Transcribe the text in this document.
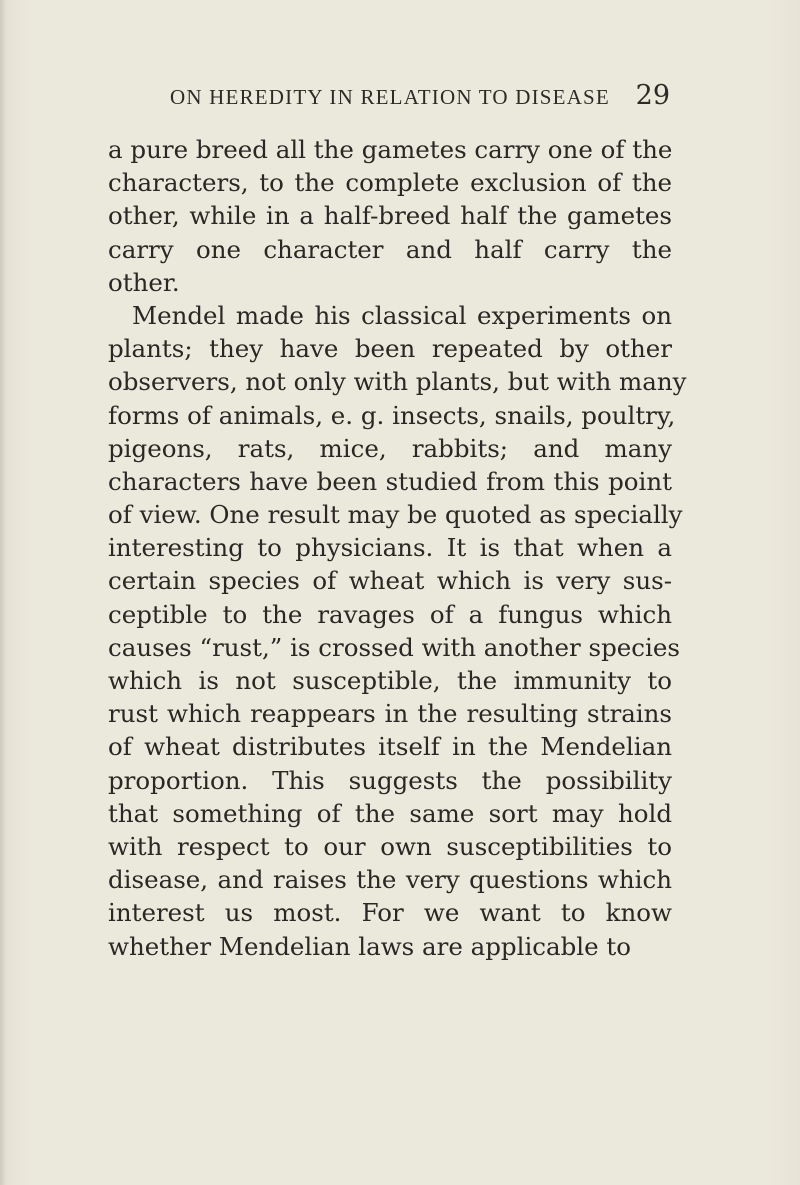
ON HEREDITY IN RELATION TO DISEASE 29
a pure breed all the gametes carry one of the
characters, to the complete exclusion of the
other, while in a half-breed half the gametes
carry one character and half carry the
other.
Mendel made his classical experiments on
plants; they have been repeated by other
observers, not only with plants, but with many
forms of animals, e. g. insects, snails, poultry,
pigeons, rats, mice, rabbits; and many
characters have been studied from this point
of view. One result may be quoted as specially
interesting to physicians. It is that when a
certain species of wheat which is very sus-
ceptible to the ravages of a fungus which
causes “rust,” is crossed with another species
which is not susceptible, the immunity to
rust which reappears in the resulting strains
of wheat distributes itself in the Mendelian
proportion. This suggests the possibility
that something of the same sort may hold
with respect to our own susceptibilities to
disease, and raises the very questions which
interest us most. For we want to know
whether Mendelian laws are applicable to
